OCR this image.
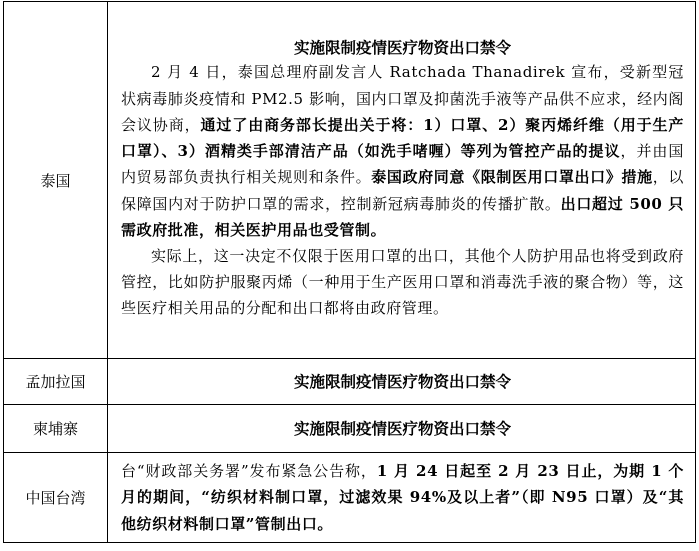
泰国	实施限制疫情医疗物资出口禁令

2 月 4 日，泰国总理府副发言人 Ratchada Thanadirek 宣布，受新型冠状病毒肺炎疫情和 PM2.5 影响，国内口罩及抑菌洗手液等产品供不应求，经内阁会议协商，通过了由商务部长提出关于将：1）口罩、2）聚丙烯纤维（用于生产口罩）、3）酒精类手部清洁产品（如洗手啫喱）等列为管控产品的提议，并由国内贸易部负责执行相关规则和条件。泰国政府同意《限制医用口罩出口》措施，以保障国内对于防护口罩的需求，控制新冠病毒肺炎的传播扩散。出口超过 500 只需政府批准，相关医护用品也受管制。

实际上，这一决定不仅限于医用口罩的出口，其他个人防护用品也将受到政府管控，比如防护服聚丙烯（一种用于生产医用口罩和消毒洗手液的聚合物）等，这些医疗相关用品的分配和出口都将由政府管理。

孟加拉国	实施限制疫情医疗物资出口禁令

柬埔寨	实施限制疫情医疗物资出口禁令

中国台湾	台“财政部关务署”发布紧急公告称，1 月 24 日起至 2 月 23 日止，为期 1 个月的期间，“纺织材料制口罩，过滤效果 94%及以上者”（即 N95 口罩）及“其他纺织材料制口罩”管制出口。
